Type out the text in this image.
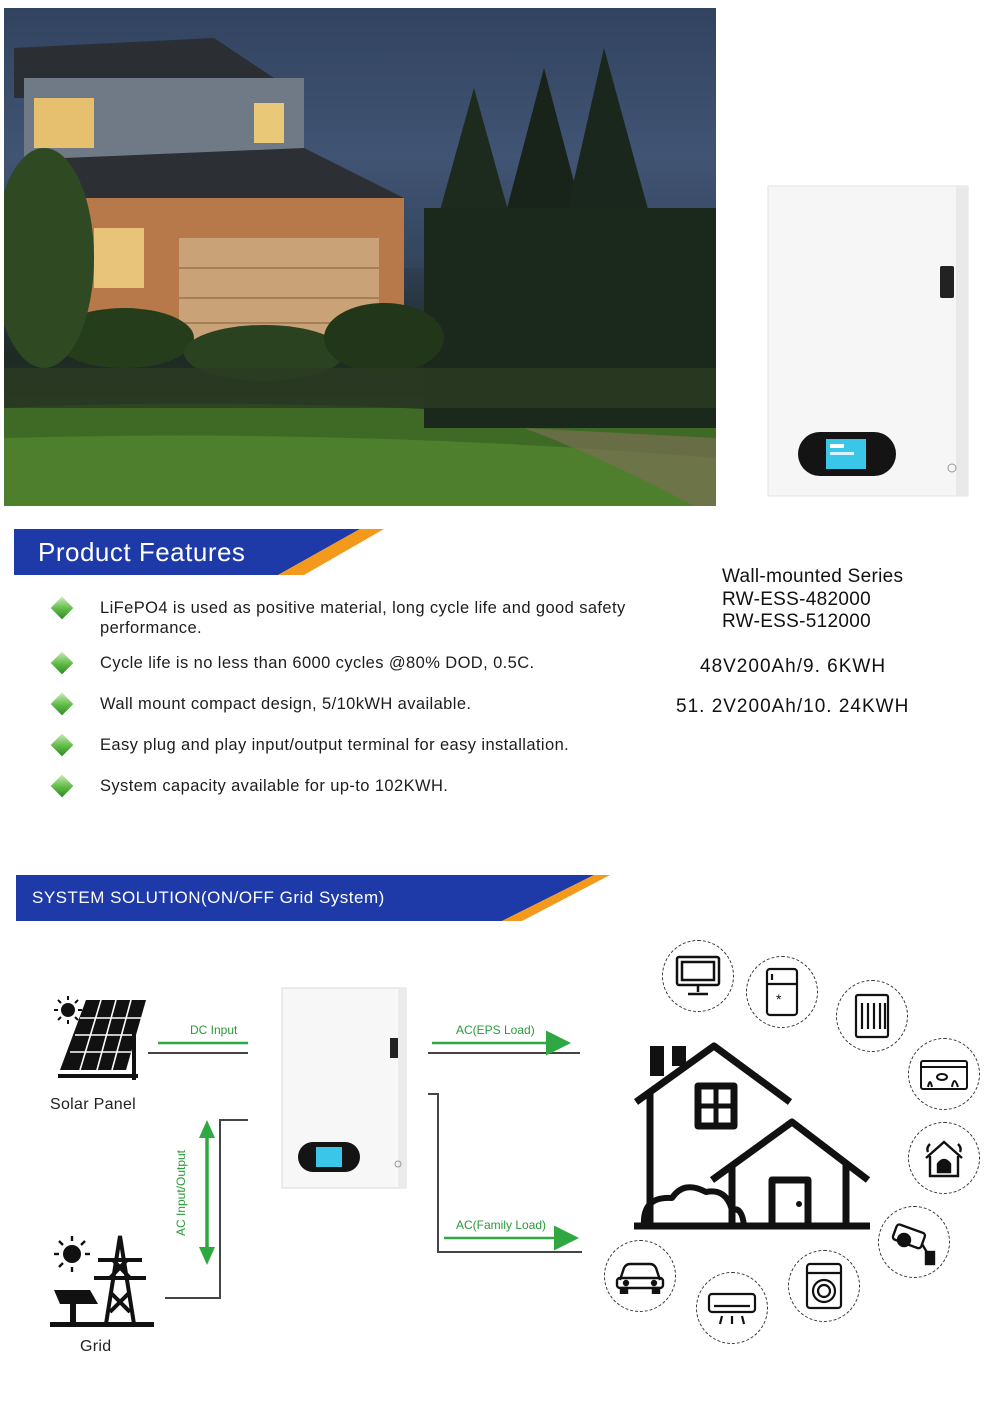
Product Features
LiFePO4 is used as positive material, long cycle life and good safety performance.
Cycle life is no less than 6000 cycles @80% DOD, 0.5C.
Wall mount compact design, 5/10kWH available.
Easy plug and play input/output terminal for easy installation.
System capacity available for up-to 102KWH.
Wall-mounted Series
RW-ESS-482000
RW-ESS-512000
48V200Ah/9. 6KWH
51. 2V200Ah/10. 24KWH
SYSTEM SOLUTION(ON/OFF Grid System)
Solar Panel
Grid
DC Input	AC(EPS Load)
AC(Family Load)
AC Input/Output
*
